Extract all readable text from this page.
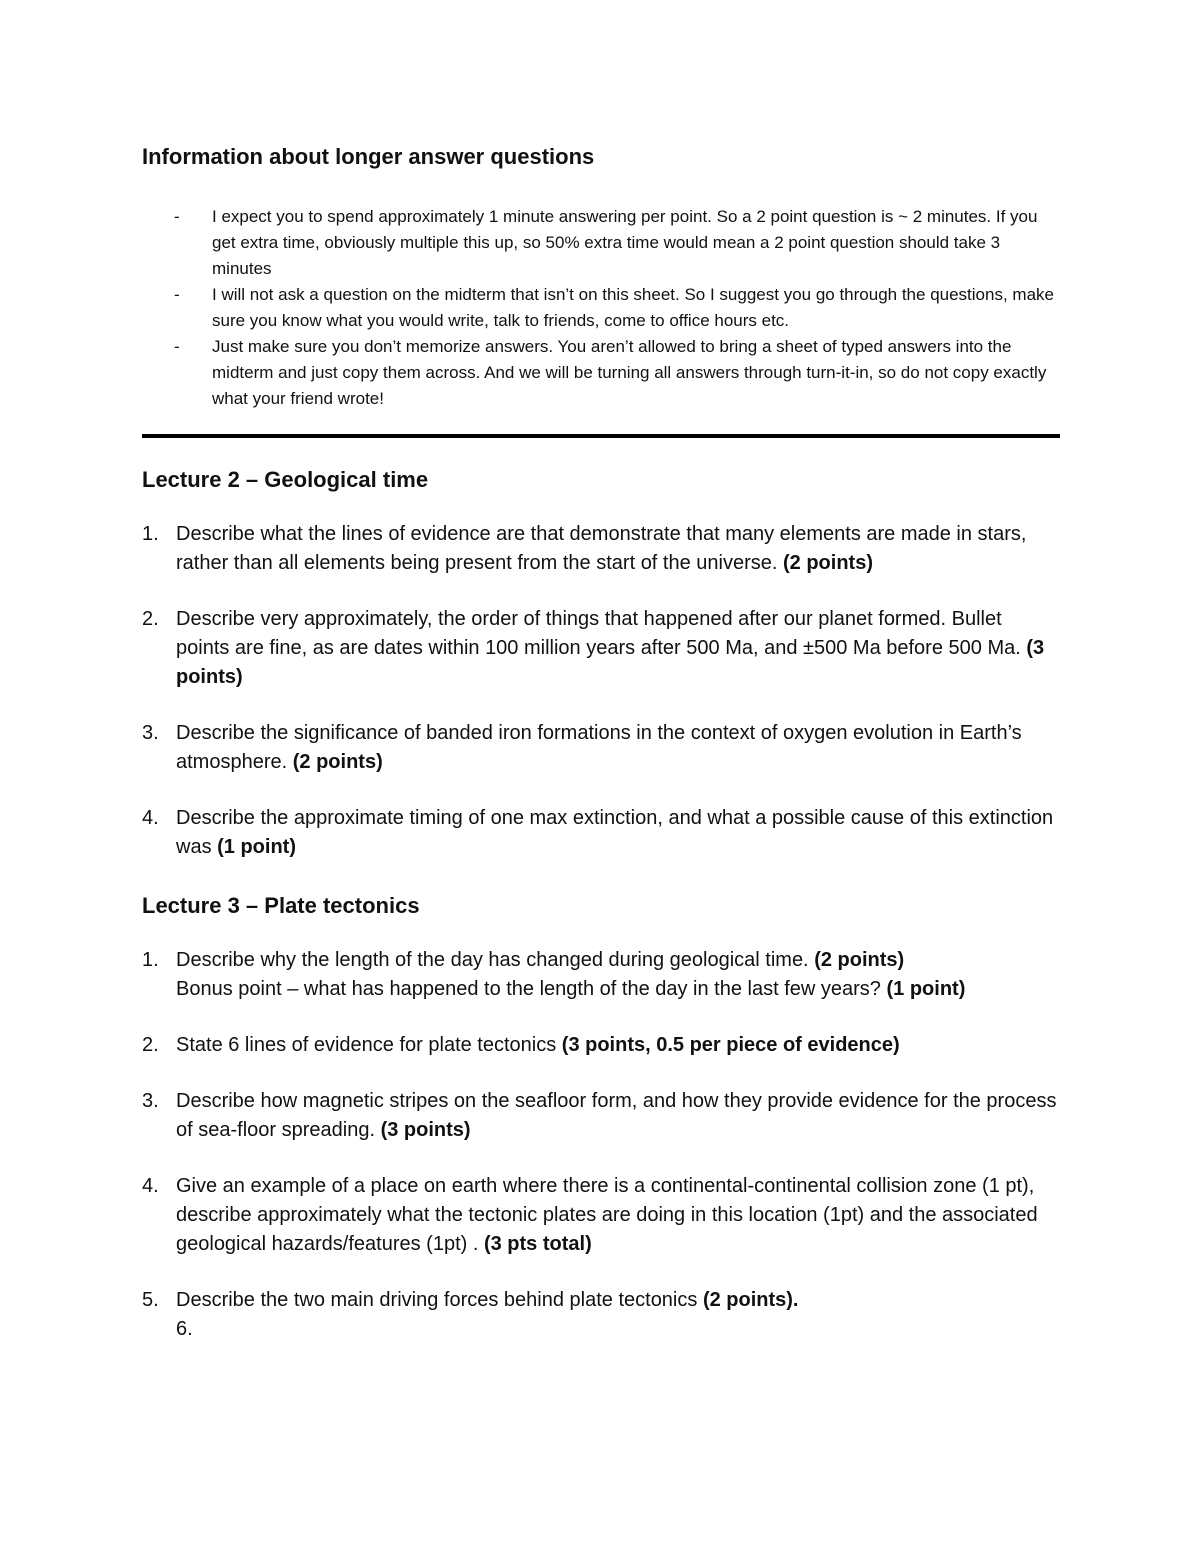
Information about longer answer questions
- I expect you to spend approximately 1 minute answering per point. So a 2 point question is ~ 2 minutes. If you get extra time, obviously multiple this up, so 50% extra time would mean a 2 point question should take 3 minutes
- I will not ask a question on the midterm that isn’t on this sheet. So I suggest you go through the questions, make sure you know what you would write, talk to friends, come to office hours etc.
- Just make sure you don’t memorize answers. You aren’t allowed to bring a sheet of typed answers into the midterm and just copy them across. And we will be turning all answers through turn-it-in, so do not copy exactly what your friend wrote!
Lecture 2 – Geological time
1. Describe what the lines of evidence are that demonstrate that many elements are made in stars, rather than all elements being present from the start of the universe. (2 points)
2. Describe very approximately, the order of things that happened after our planet formed. Bullet points are fine, as are dates within 100 million years after 500 Ma, and ±500 Ma before 500 Ma. (3 points)
3. Describe the significance of banded iron formations in the context of oxygen evolution in Earth’s atmosphere. (2 points)
4. Describe the approximate timing of one max extinction, and what a possible cause of this extinction was (1 point)
Lecture 3 – Plate tectonics
1. Describe why the length of the day has changed during geological time. (2 points)
Bonus point – what has happened to the length of the day in the last few years? (1 point)
2. State 6 lines of evidence for plate tectonics (3 points, 0.5 per piece of evidence)
3. Describe how magnetic stripes on the seafloor form, and how they provide evidence for the process of sea-floor spreading. (3 points)
4. Give an example of a place on earth where there is a continental-continental collision zone (1 pt), describe approximately what the tectonic plates are doing in this location (1pt) and the associated geological hazards/features (1pt) . (3 pts total)
5. Describe the two main driving forces behind plate tectonics (2 points).
6.
